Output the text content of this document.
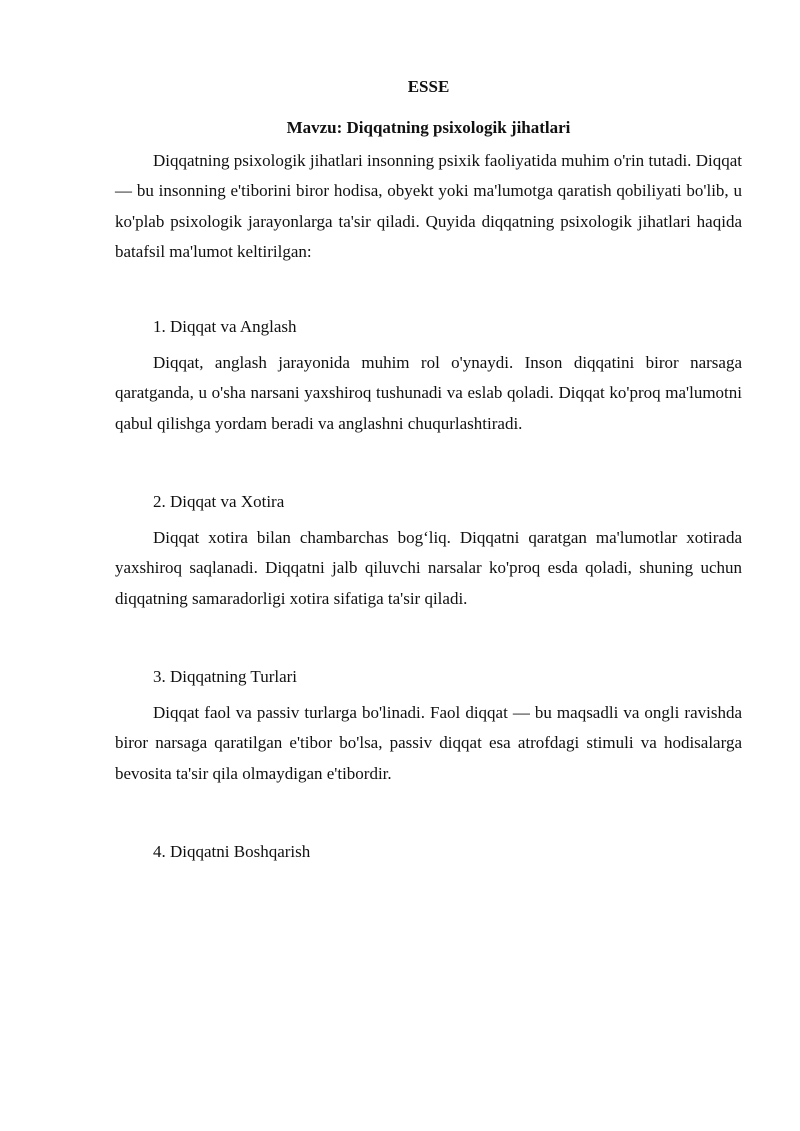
ESSE

Mavzu: Diqqatning psixologik jihatlari

Diqqatning psixologik jihatlari insonning psixik faoliyatida muhim o'rin tutadi. Diqqat — bu insonning e'tiborini biror hodisa, obyekt yoki ma'lumotga qaratish qobiliyati bo'lib, u ko'plab psixologik jarayonlarga ta'sir qiladi. Quyida diqqatning psixologik jihatlari haqida batafsil ma'lumot keltirilgan:

1. Diqqat va Anglash

Diqqat, anglash jarayonida muhim rol o'ynaydi. Inson diqqatini biror narsaga qaratganda, u o'sha narsani yaxshiroq tushunadi va eslab qoladi. Diqqat ko'proq ma'lumotni qabul qilishga yordam beradi va anglashni chuqurlashtiradi.

2. Diqqat va Xotira

Diqqat xotira bilan chambarchas bog‘liq. Diqqatni qaratgan ma'lumotlar xotirada yaxshiroq saqlanadi. Diqqatni jalb qiluvchi narsalar ko'proq esda qoladi, shuning uchun diqqatning samaradorligi xotira sifatiga ta'sir qiladi.

3. Diqqatning Turlari

Diqqat faol va passiv turlarga bo'linadi. Faol diqqat — bu maqsadli va ongli ravishda biror narsaga qaratilgan e'tibor bo'lsa, passiv diqqat esa atrofdagi stimuli va hodisalarga bevosita ta'sir qila olmaydigan e'tibordir.

4. Diqqatni Boshqarish
